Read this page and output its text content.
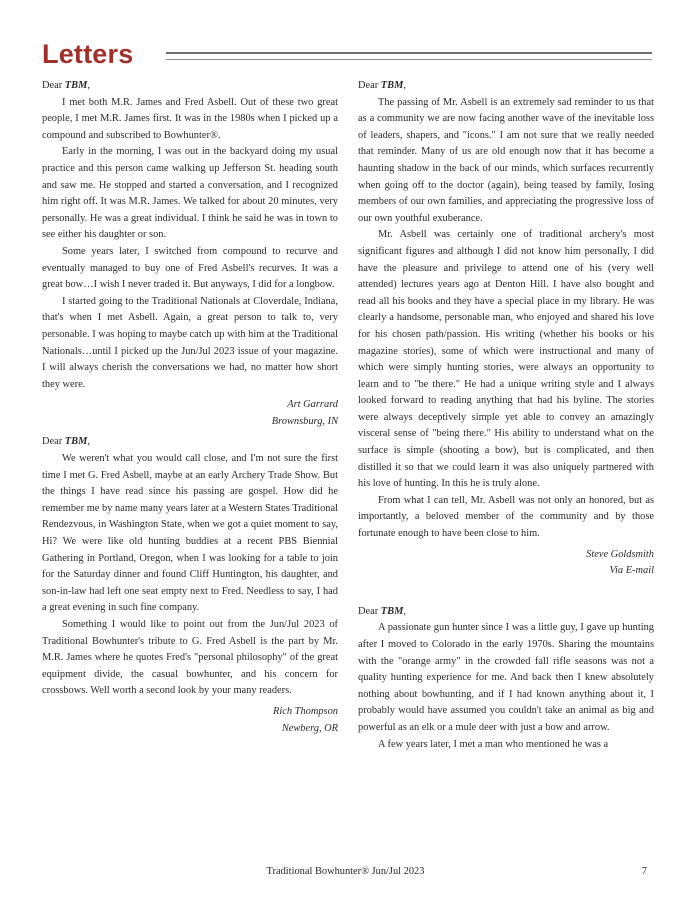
Letters

Dear TBM,

I met both M.R. James and Fred Asbell. Out of these two great people, I met M.R. James first. It was in the 1980s when I picked up a compound and subscribed to Bowhunter®.

Early in the morning, I was out in the backyard doing my usual practice and this person came walking up Jefferson St. heading south and saw me. He stopped and started a conversation, and I recognized him right off. It was M.R. James. We talked for about 20 minutes, very personally. He was a great individual. I think he said he was in town to see either his daughter or son.

Some years later, I switched from compound to recurve and eventually managed to buy one of Fred Asbell's recurves. It was a great bow…I wish I never traded it. But anyways, I did for a longbow.

I started going to the Traditional Nationals at Cloverdale, Indiana, that's when I met Asbell. Again, a great person to talk to, very personable. I was hoping to maybe catch up with him at the Traditional Nationals…until I picked up the Jun/Jul 2023 issue of your magazine. I will always cherish the conversations we had, no matter how short they were.

Art Garrard

Brownsburg, IN

Dear TBM,

We weren't what you would call close, and I'm not sure the first time I met G. Fred Asbell, maybe at an early Archery Trade Show. But the things I have read since his passing are gospel. How did he remember me by name many years later at a Western States Traditional Rendezvous, in Washington State, when we got a quiet moment to say, Hi? We were like old hunting buddies at a recent PBS Biennial Gathering in Portland, Oregon, when I was looking for a table to join for the Saturday dinner and found Cliff Huntington, his daughter, and son-in-law had left one seat empty next to Fred. Needless to say, I had a great evening in such fine company.

Something I would like to point out from the Jun/Jul 2023 of Traditional Bowhunter's tribute to G. Fred Asbell is the part by Mr. M.R. James where he quotes Fred's "personal philosophy" of the great equipment divide, the casual bowhunter, and his concern for crossbows. Well worth a second look by your many readers.

Rich Thompson

Newberg, OR

Dear TBM,

The passing of Mr. Asbell is an extremely sad reminder to us that as a community we are now facing another wave of the inevitable loss of leaders, shapers, and "icons." I am not sure that we really needed that reminder. Many of us are old enough now that it has become a haunting shadow in the back of our minds, which surfaces recurrently when going off to the doctor (again), being teased by family, losing members of our own families, and appreciating the progressive loss of our own youthful exuberance.

Mr. Asbell was certainly one of traditional archery's most significant figures and although I did not know him personally, I did have the pleasure and privilege to attend one of his (very well attended) lectures years ago at Denton Hill. I have also bought and read all his books and they have a special place in my library. He was clearly a handsome, personable man, who enjoyed and shared his love for his chosen path/passion. His writing (whether his books or his magazine stories), some of which were instructional and many of which were simply hunting stories, were always an opportunity to learn and to "be there." He had a unique writing style and I always looked forward to reading anything that had his byline. The stories were always deceptively simple yet able to convey an amazingly visceral sense of "being there." His ability to understand what on the surface is simple (shooting a bow), but is complicated, and then distilled it so that we could learn it was also uniquely partnered with his love of hunting. In this he is truly alone.

From what I can tell, Mr. Asbell was not only an honored, but as importantly, a beloved member of the community and by those fortunate enough to have been close to him.

Steve Goldsmith

Via E-mail

Dear TBM,

A passionate gun hunter since I was a little guy, I gave up hunting after I moved to Colorado in the early 1970s. Sharing the mountains with the "orange army" in the crowded fall rifle seasons was not a quality hunting experience for me. And back then I knew absolutely nothing about bowhunting, and if I had known anything about it, I probably would have assumed you couldn't take an animal as big and powerful as an elk or a mule deer with just a bow and arrow.

A few years later, I met a man who mentioned he was a

Traditional Bowhunter® Jun/Jul 2023	7
